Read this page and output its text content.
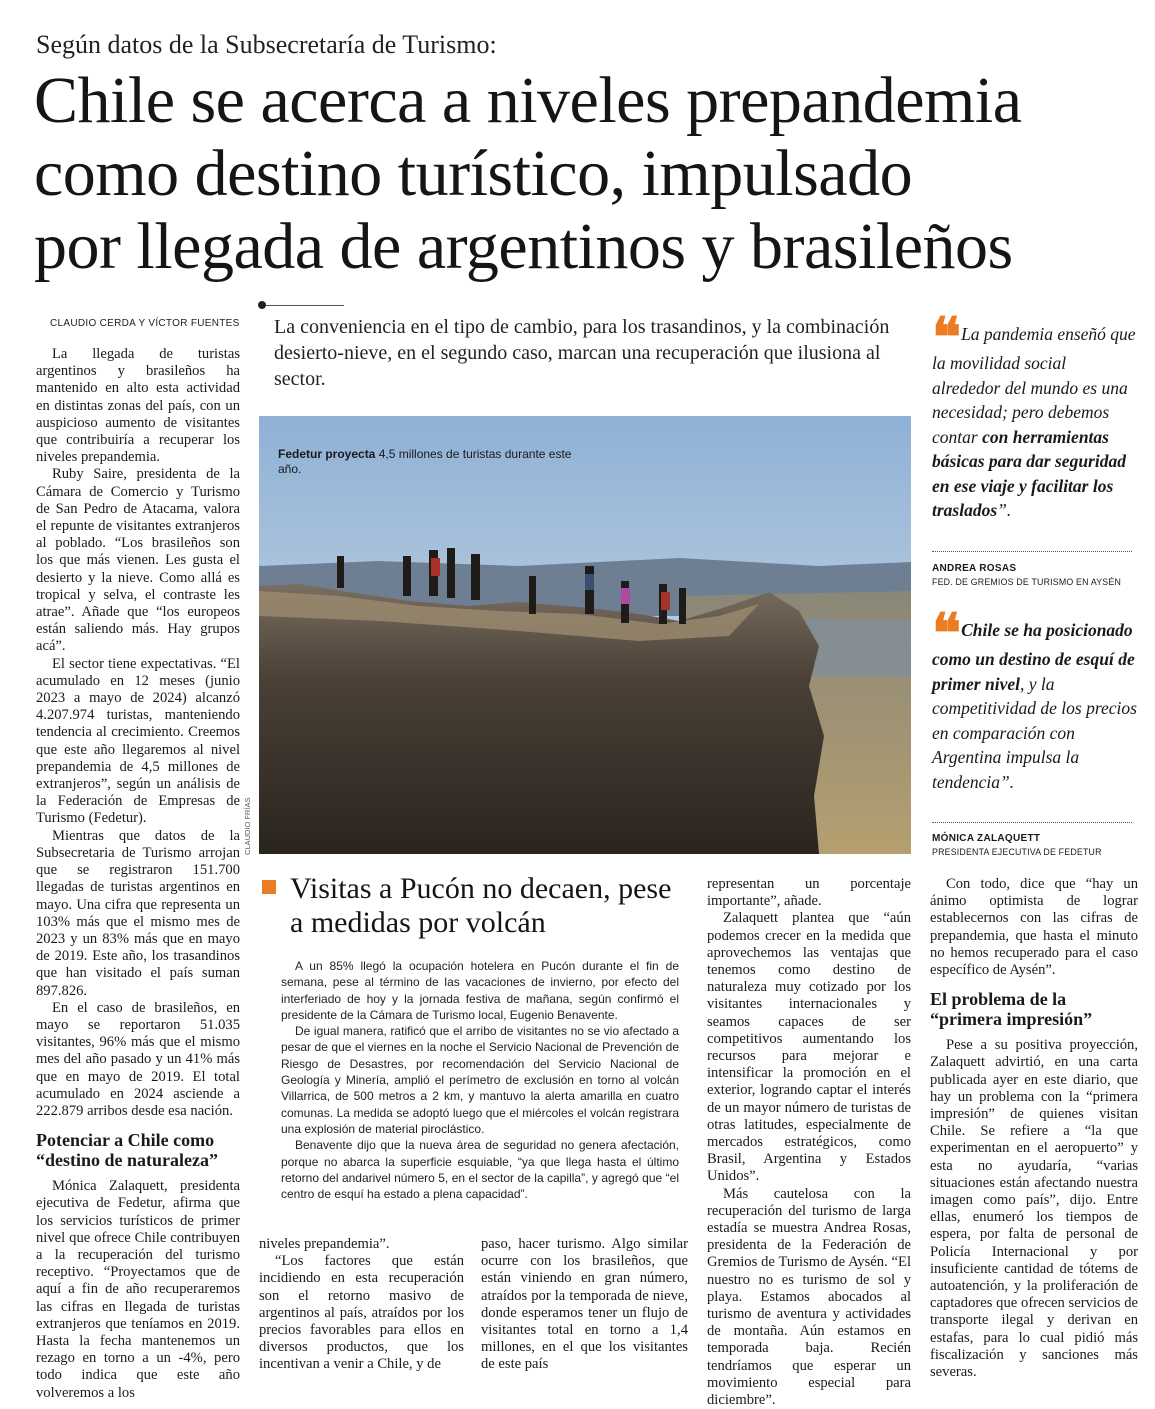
Según datos de la Subsecretaría de Turismo:
Chile se acerca a niveles prepandemia
como destino turístico, impulsado
por llegada de argentinos y brasileños
CLAUDIO CERDA Y VÍCTOR FUENTES La conveniencia en el tipo de cambio, para los trasandinos, y la combinación desierto-nieve, en el segundo caso, marcan una recuperación que ilusiona al sector.

La llegada de turistas argentinos y brasileños ha mantenido en alto esta actividad en distintas zonas del país, con un auspicioso aumento de visitantes que contribuiría a recuperar los niveles prepandemia.

Ruby Saire, presidenta de la Cámara de Comercio y Turismo de San Pedro de Atacama, valora el repunte de visitantes extranjeros al poblado. “Los brasileños son los que más vienen. Les gusta el desierto y la nieve. Como allá es tropical y selva, el contraste les atrae”. Añade que “los europeos están saliendo más. Hay grupos acá”.

El sector tiene expectativas. “El acumulado en 12 meses (junio 2023 a mayo de 2024) alcanzó 4.207.974 turistas, manteniendo tendencia al crecimiento. Creemos que este año llegaremos al nivel prepandemia de 4,5 millones de extranjeros”, según un análisis de la Federación de Empresas de Turismo (Fedetur).

Mientras que datos de la Subsecretaria de Turismo arrojan que se registraron 151.700 llegadas de turistas argentinos en mayo. Una cifra que representa un 103% más que el mismo mes de 2023 y un 83% más que en mayo de 2019. Este año, los trasandinos que han visitado el país suman 897.826.

En el caso de brasileños, en mayo se reportaron 51.035 visitantes, 96% más que el mismo mes del año pasado y un 41% más que en mayo de 2019. El total acumulado en 2024 asciende a 222.879 arribos desde esa nación.

Potenciar a Chile como “destino de naturaleza”

Mónica Zalaquett, presidenta ejecutiva de Fedetur, afirma que los servicios turísticos de primer nivel que ofrece Chile contribuyen a la recuperación del turismo receptivo. “Proyectamos que de aquí a fin de año recuperaremos las cifras en llegada de turistas extranjeros que teníamos en 2019. Hasta la fecha mantenemos un rezago en torno a un -4%, pero todo indica que este año volveremos a los

Fedetur proyecta 4,5 millones de turistas durante este año.
CLAUDIO FRÍAS
Visitas a Pucón no decaen, pese a medidas por volcán

A un 85% llegó la ocupación hotelera en Pucón durante el fin de semana, pese al término de las vacaciones de invierno, por efecto del interferiado de hoy y la jornada festiva de mañana, según confirmó el presidente de la Cámara de Turismo local, Eugenio Benavente.

De igual manera, ratificó que el arribo de visitantes no se vio afectado a pesar de que el viernes en la noche el Servicio Nacional de Prevención de Riesgo de Desastres, por recomendación del Servicio Nacional de Geología y Minería, amplió el perímetro de exclusión en torno al volcán Villarrica, de 500 metros a 2 km, y mantuvo la alerta amarilla en cuatro comunas. La medida se adoptó luego que el miércoles el volcán registrara una explosión de material piroclástico.

Benavente dijo que la nueva área de seguridad no genera afectación, porque no abarca la superficie esquiable, “ya que llega hasta el último retorno del andarivel número 5, en el sector de la capilla”, y agregó que “el centro de esquí ha estado a plena capacidad”.

niveles prepandemia”.

“Los factores que están incidiendo en esta recuperación son el retorno masivo de argentinos al país, atraídos por los precios favorables para ellos en diversos productos, que los incentivan a venir a Chile, y de

paso, hacer turismo. Algo similar ocurre con los brasileños, que están viniendo en gran número, atraídos por la temporada de nieve, donde esperamos tener un flujo de visitantes total en torno a 1,4 millones, en el que los visitantes de este país

representan un porcentaje importante”, añade.

Zalaquett plantea que “aún podemos crecer en la medida que aprovechemos las ventajas que tenemos como destino de naturaleza muy cotizado por los visitantes internacionales y seamos capaces de ser competitivos aumentando los recursos para mejorar e intensificar la promoción en el exterior, logrando captar el interés de un mayor número de turistas de otras latitudes, especialmente de mercados estratégicos, como Brasil, Argentina y Estados Unidos”.

Más cautelosa con la recuperación del turismo de larga estadía se muestra Andrea Rosas, presidenta de la Federación de Gremios de Turismo de Aysén. “El nuestro no es turismo de sol y playa. Estamos abocados al turismo de aventura y actividades de montaña. Aún estamos en temporada baja. Recién tendríamos que esperar un movimiento especial para diciembre”.

❝ La pandemia enseñó que la movilidad social alrededor del mundo es una necesidad; pero debemos contar con herramientas básicas para dar seguridad en ese viaje y facilitar los traslados”.
ANDREA ROSAS
FED. DE GREMIOS DE TURISMO EN AYSÉN
❝ Chile se ha posicionado como un destino de esquí de primer nivel, y la competitividad de los precios en comparación con Argentina impulsa la tendencia”.
MÓNICA ZALAQUETT
PRESIDENTA EJECUTIVA DE FEDETUR

Con todo, dice que “hay un ánimo optimista de lograr establecernos con las cifras de prepandemia, que hasta el minuto no hemos recuperado para el caso específico de Aysén”.

El problema de la “primera impresión”

Pese a su positiva proyección, Zalaquett advirtió, en una carta publicada ayer en este diario, que hay un problema con la “primera impresión” de quienes visitan Chile. Se refiere a “la que experimentan en el aeropuerto” y esta no ayudaría, “varias situaciones están afectando nuestra imagen como país”, dijo. Entre ellas, enumeró los tiempos de espera, por falta de personal de Policía Internacional y por insuficiente cantidad de tótems de autoatención, y la proliferación de captadores que ofrecen servicios de transporte ilegal y derivan en estafas, para lo cual pidió más fiscalización y sanciones más severas.
